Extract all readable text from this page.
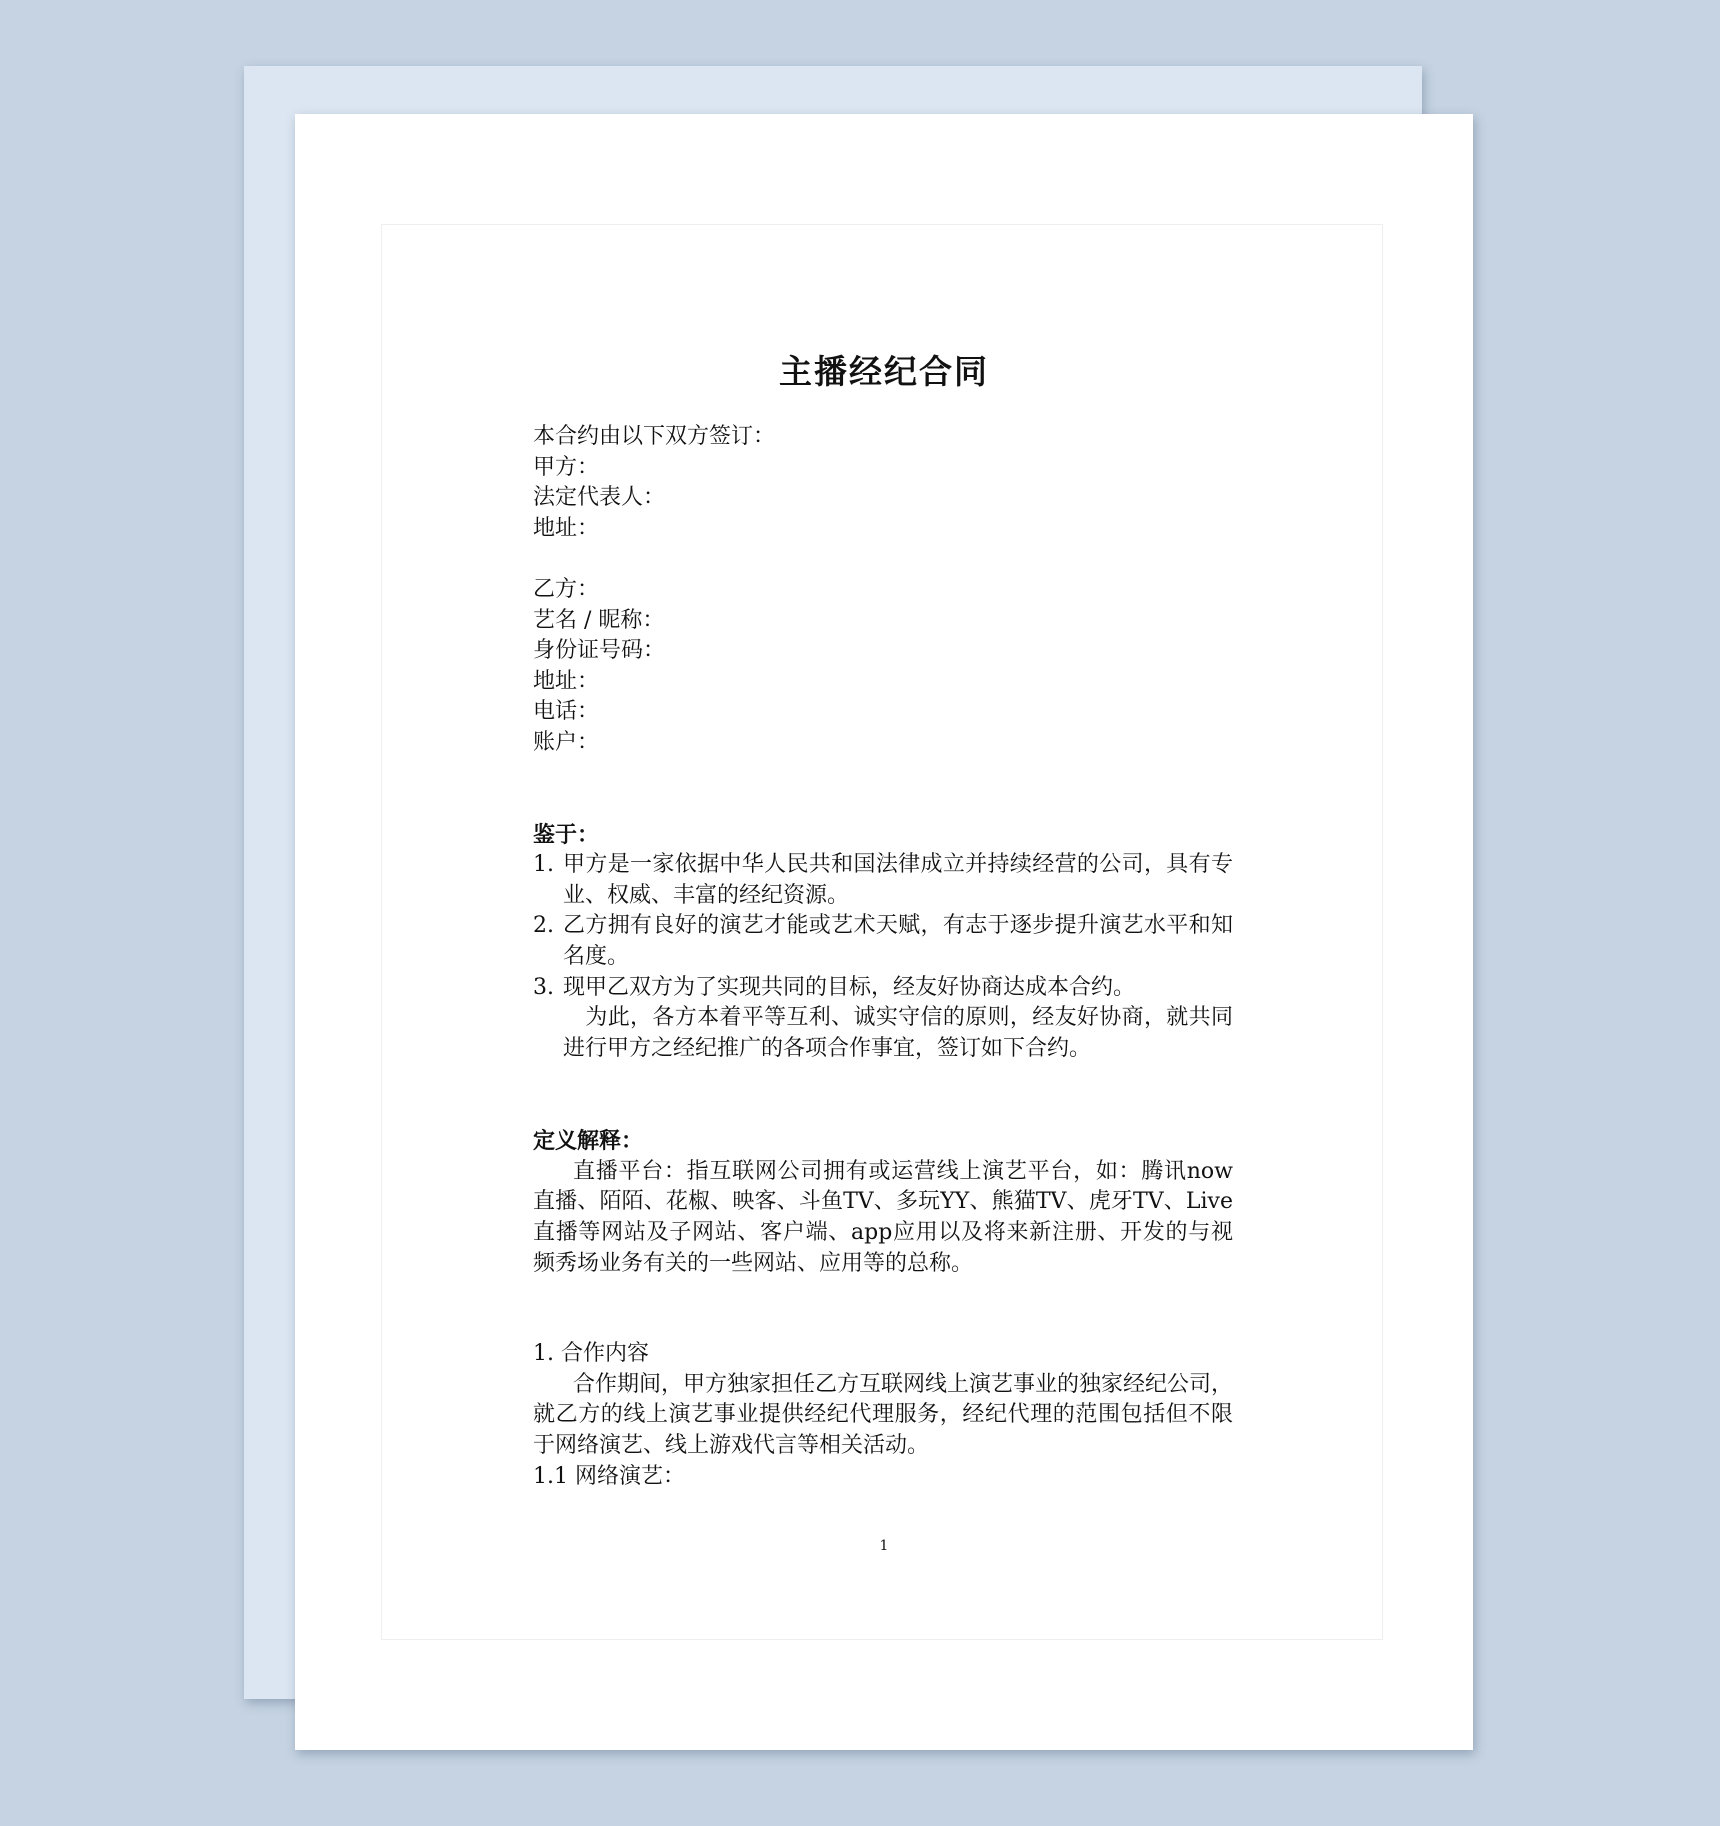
主播经纪合同
本合约由以下双方签订：
甲方：
法定代表人：
地址：
乙方：
艺名 / 昵称：
身份证号码：
地址：
电话：
账户：
鉴于：
1. 甲方是一家依据中华人民共和国法律成立并持续经营的公司，具有专业、权威、丰富的经纪资源。
2. 乙方拥有良好的演艺才能或艺术天赋，有志于逐步提升演艺水平和知名度。
3. 现甲乙双方为了实现共同的目标，经友好协商达成本合约。
　为此，各方本着平等互利、诚实守信的原则，经友好协商，就共同进行甲方之经纪推广的各项合作事宜，签订如下合约。
定义解释：
直播平台：指互联网公司拥有或运营线上演艺平台，如：腾讯now直播、陌陌、花椒、映客、斗鱼TV、多玩YY、熊猫TV、虎牙TV、Live直播等网站及子网站、客户端、app应用以及将来新注册、开发的与视频秀场业务有关的一些网站、应用等的总称。
1. 合作内容
合作期间，甲方独家担任乙方互联网线上演艺事业的独家经纪公司，就乙方的线上演艺事业提供经纪代理服务，经纪代理的范围包括但不限于网络演艺、线上游戏代言等相关活动。
1.1 网络演艺：
1
